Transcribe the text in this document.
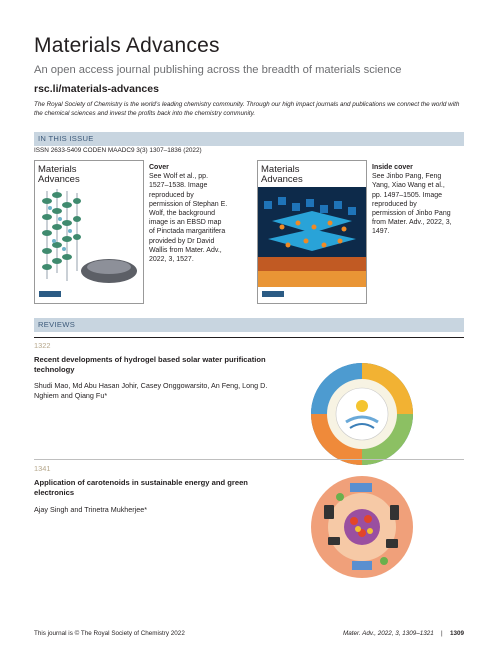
Materials Advances
An open access journal publishing across the breadth of materials science
rsc.li/materials-advances
The Royal Society of Chemistry is the world’s leading chemistry community. Through our high impact journals and publications we connect the world with the chemical sciences and invest the profits back into the chemistry community.
IN THIS ISSUE
ISSN 2633-5409 CODEN MAADC9 3(3) 1307–1836 (2022)
Materials Advances
Cover
See Wolf et al., pp. 1527–1538. Image reproduced by permission of Stephan E. Wolf, the background image is an EBSD map of Pinctada margaritifera provided by Dr David Wallis from Mater. Adv., 2022, 3, 1527.
Materials Advances
Inside cover
See Jinbo Pang, Feng Yang, Xiao Wang et al., pp. 1497–1505. Image reproduced by permission of Jinbo Pang from Mater. Adv., 2022, 3, 1497.
REVIEWS
1322
Recent developments of hydrogel based solar water purification technology
Shudi Mao, Md Abu Hasan Johir, Casey Onggowarsito, An Feng, Long D. Nghiem and Qiang Fu*
1341
Application of carotenoids in sustainable energy and green electronics
Ajay Singh and Trinetra Mukherjee*
This journal is © The Royal Society of Chemistry 2022	Mater. Adv., 2022, 3, 1309–1321 | 1309
